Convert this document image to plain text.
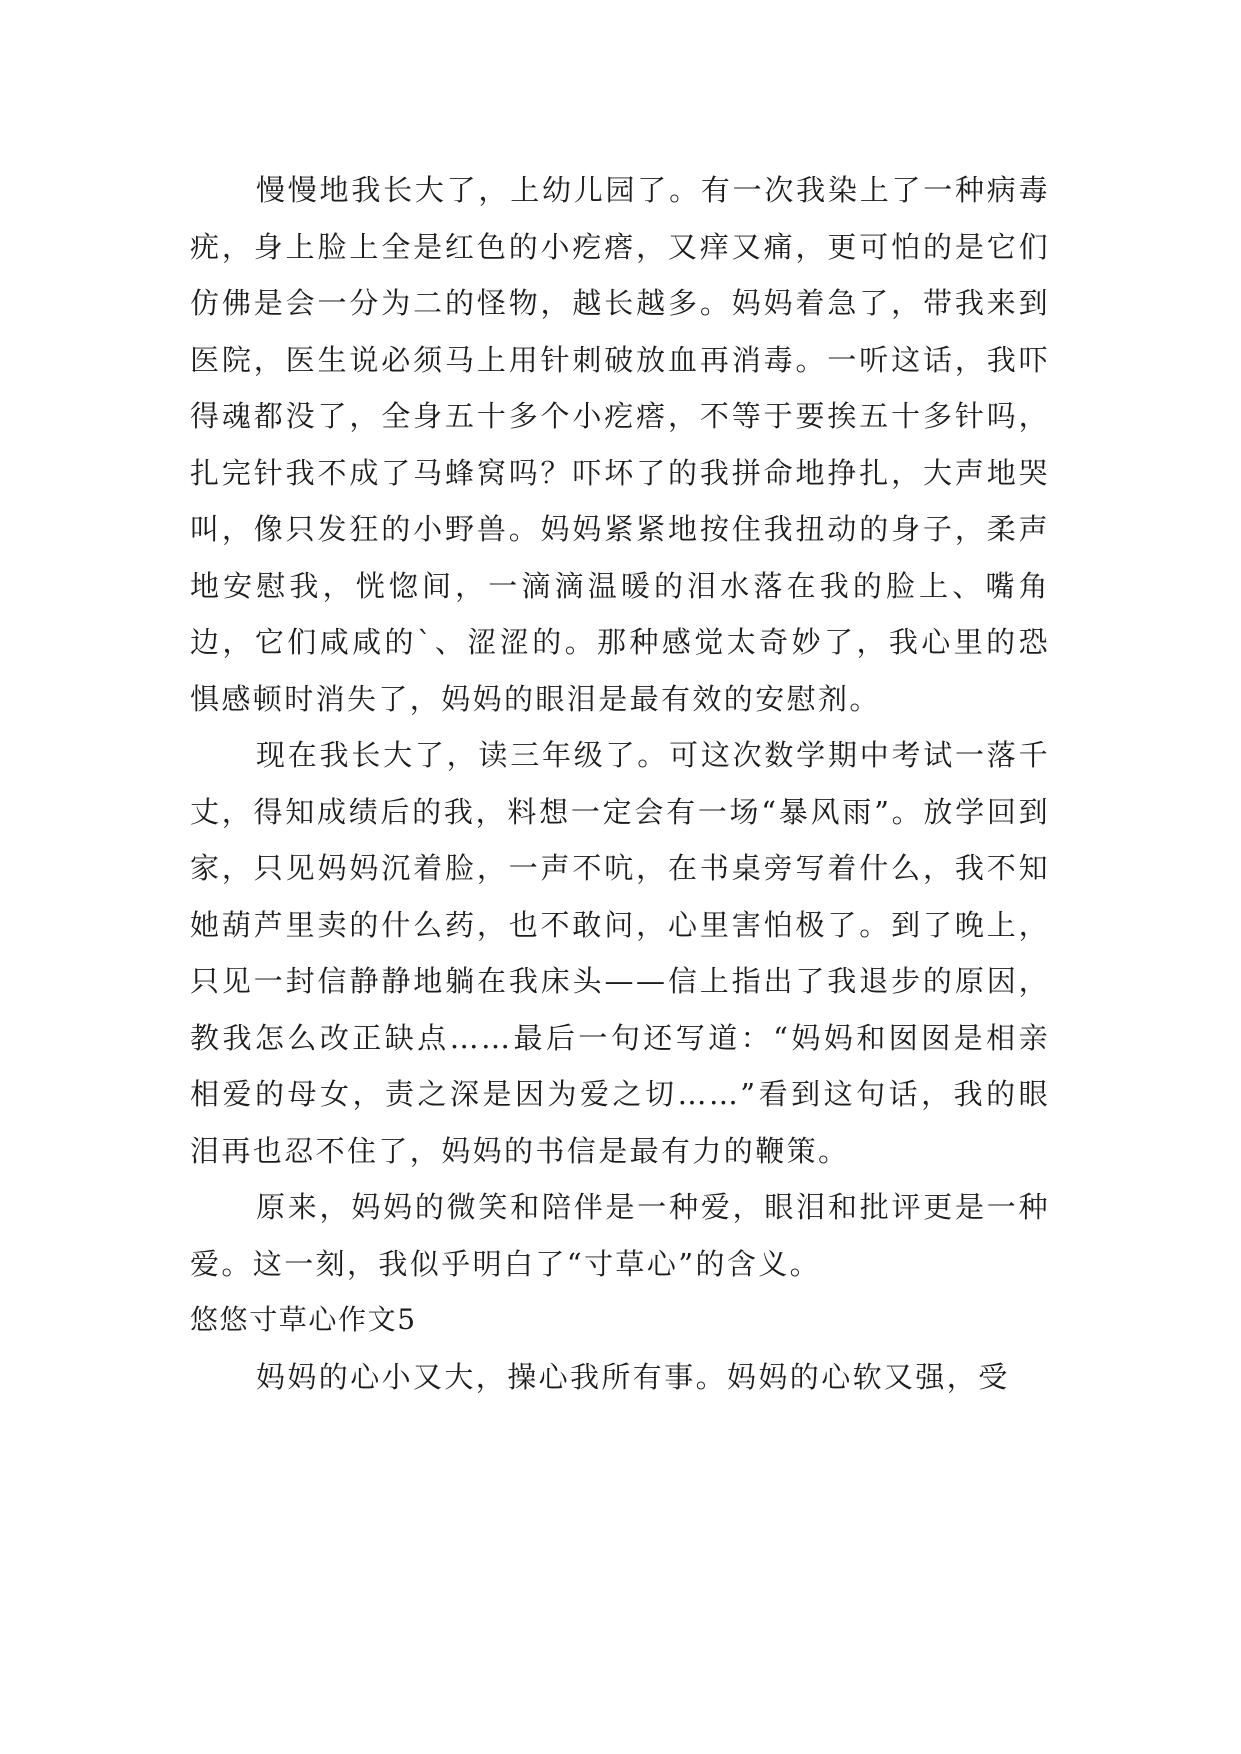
慢慢地我长大了，上幼儿园了。有一次我染上了一种病毒疣，身上脸上全是红色的小疙瘩，又痒又痛，更可怕的是它们仿佛是会一分为二的怪物，越长越多。妈妈着急了，带我来到医院，医生说必须马上用针刺破放血再消毒。一听这话，我吓得魂都没了，全身五十多个小疙瘩，不等于要挨五十多针吗，扎完针我不成了马蜂窝吗？吓坏了的我拼命地挣扎，大声地哭叫，像只发狂的小野兽。妈妈紧紧地按住我扭动的身子，柔声地安慰我，恍惚间，一滴滴温暖的泪水落在我的脸上、嘴角边，它们咸咸的`、涩涩的。那种感觉太奇妙了，我心里的恐惧感顿时消失了，妈妈的眼泪是最有效的安慰剂。

现在我长大了，读三年级了。可这次数学期中考试一落千丈，得知成绩后的我，料想一定会有一场“暴风雨”。放学回到家，只见妈妈沉着脸，一声不吭，在书桌旁写着什么，我不知她葫芦里卖的什么药，也不敢问，心里害怕极了。到了晚上，只见一封信静静地躺在我床头——信上指出了我退步的原因，教我怎么改正缺点……最后一句还写道：“妈妈和囡囡是相亲相爱的母女，责之深是因为爱之切……”看到这句话，我的眼泪再也忍不住了，妈妈的书信是最有力的鞭策。

原来，妈妈的微笑和陪伴是一种爱，眼泪和批评更是一种爱。这一刻，我似乎明白了“寸草心”的含义。

悠悠寸草心作文5

妈妈的心小又大，操心我所有事。妈妈的心软又强，受
